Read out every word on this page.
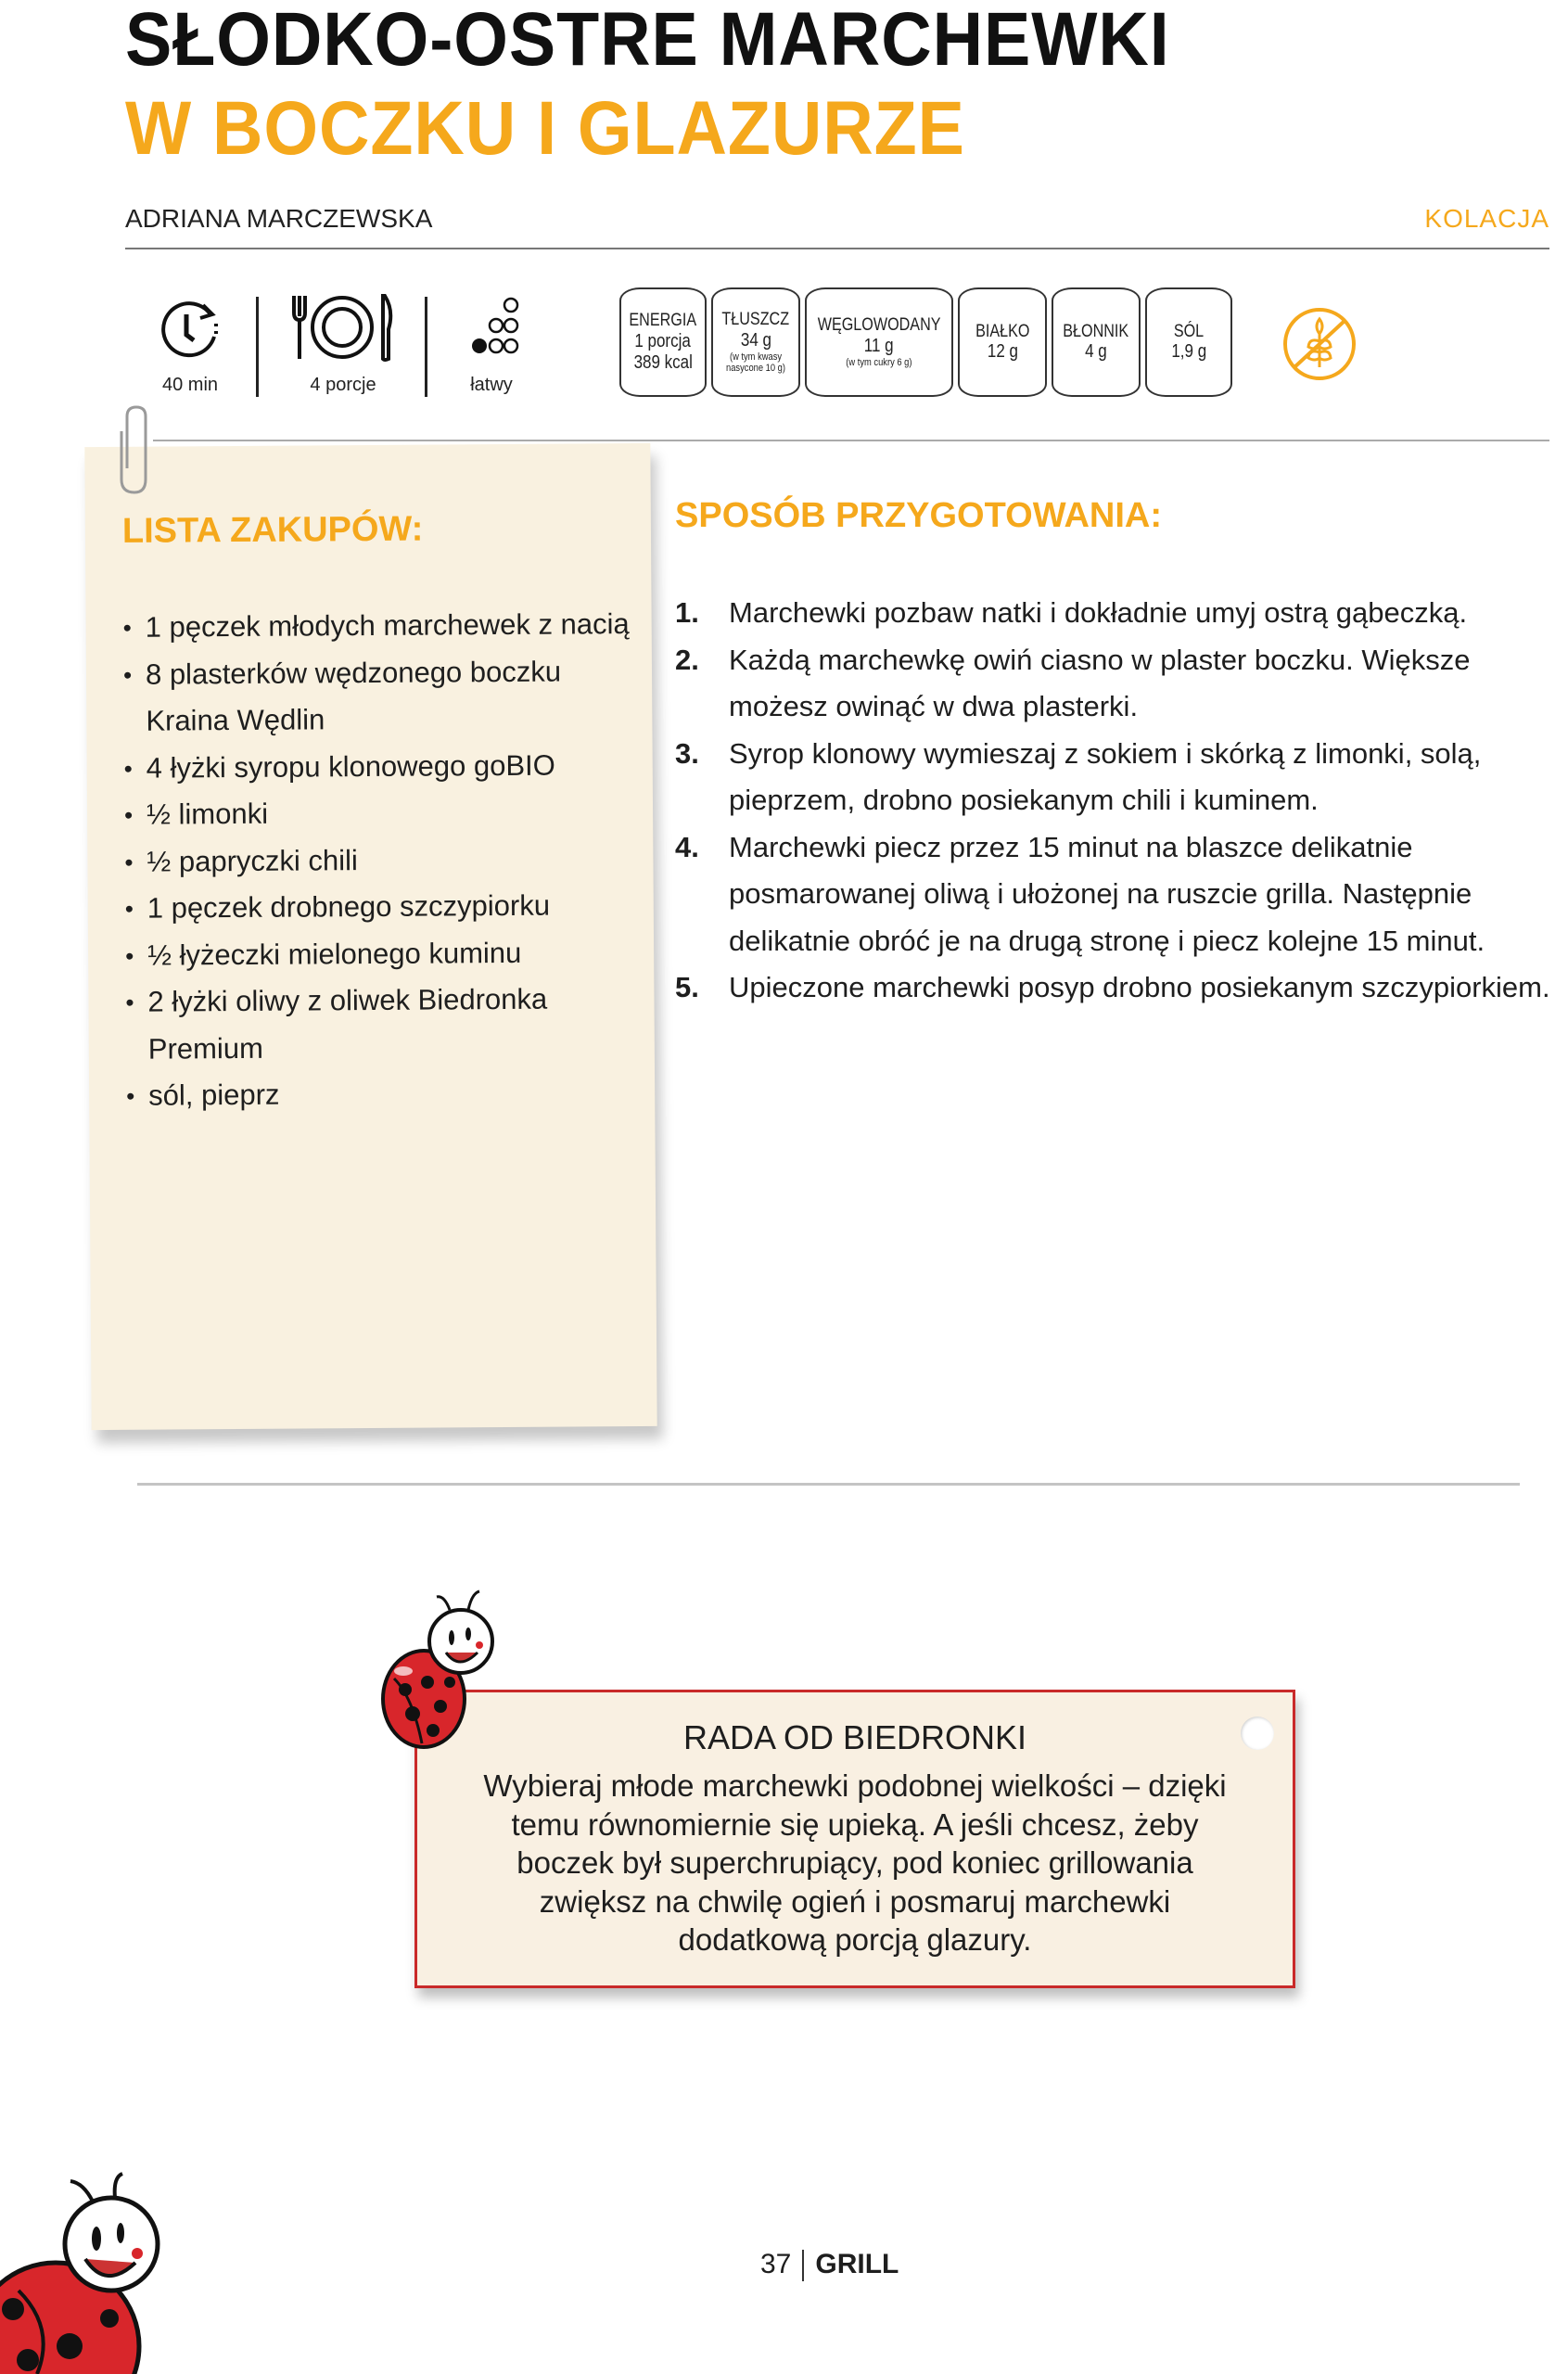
SŁODKO-OSTRE MARCHEWKI
W BOCZKU I GLAZURZE
ADRIANA MARCZEWSKA	KOLACJA
40 min	4 porcje	łatwy
ENERGIA
1 porcja
389 kcal
TŁUSZCZ
34 g
(w tym kwasy nasycone 10 g)
WĘGLOWODANY
11 g
(w tym cukry 6 g)
BIAŁKO
12 g
BŁONNIK
4 g
SÓL
1,9 g
LISTA ZAKUPÓW:
• 1 pęczek młodych marchewek z nacią
• 8 plasterków wędzonego boczku Kraina Wędlin
• 4 łyżki syropu klonowego goBIO
• ½ limonki
• ½ papryczki chili
• 1 pęczek drobnego szczypiorku
• ½ łyżeczki mielonego kuminu
• 2 łyżki oliwy z oliwek Biedronka Premium
• sól, pieprz
SPOSÓB PRZYGOTOWANIA:
1. Marchewki pozbaw natki i dokładnie umyj ostrą gąbeczką.
2. Każdą marchewkę owiń ciasno w plaster boczku. Większe możesz owinąć w dwa plasterki.
3. Syrop klonowy wymieszaj z sokiem i skórką z limonki, solą, pieprzem, drobno posiekanym chili i kuminem.
4. Marchewki piecz przez 15 minut na blaszce delikatnie posmarowanej oliwą i ułożonej na ruszcie grilla. Następnie delikatnie obróć je na drugą stronę i piecz kolejne 15 minut.
5. Upieczone marchewki posyp drobno posiekanym szczypiorkiem.
RADA OD BIEDRONKI
Wybieraj młode marchewki podobnej wielkości – dzięki temu równomiernie się upieką. A jeśli chcesz, żeby boczek był superchrupiący, pod koniec grillowania zwiększ na chwilę ogień i posmaruj marchewki dodatkową porcją glazury.
37 GRILL
